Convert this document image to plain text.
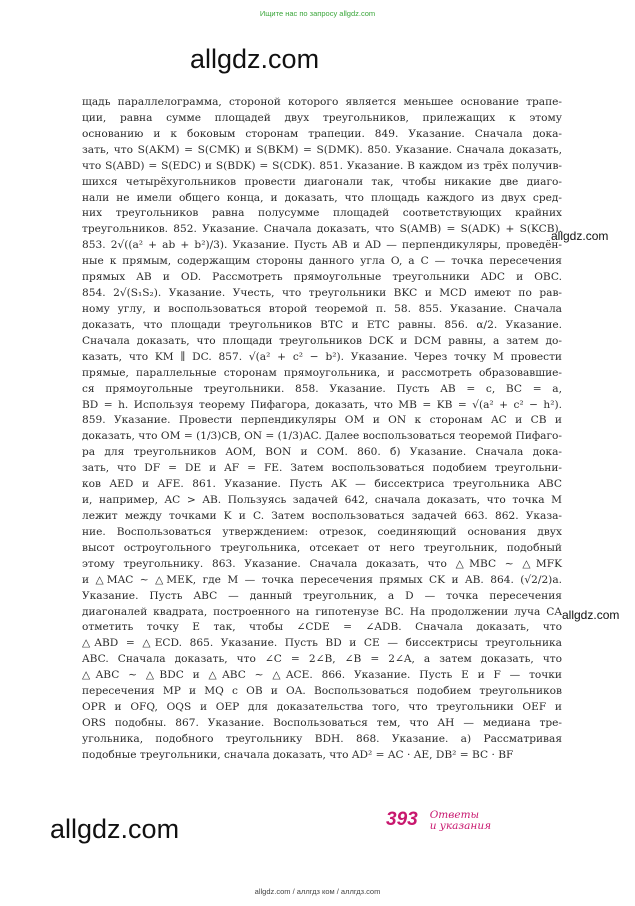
Ищите нас по запросу allgdz.com
allgdz.com
allgdz.com
allgdz.com
allgdz.com

щадь параллелограмма, стороной которого является меньшее основание трапе-

ции, равна сумме площадей двух треугольников, прилежащих к этому

основанию и к боковым сторонам трапеции. 849. Указание. Сначала дока-

зать, что S(AKM) = S(CMK) и S(BKM) = S(DMK). 850. Указание. Сначала доказать,

что S(ABD) = S(EDC) и S(BDK) = S(CDK). 851. Указание. В каждом из трёх получив-

шихся четырёхугольников провести диагонали так, чтобы никакие две диаго-

нали не имели общего конца, и доказать, что площадь каждого из двух сред-

них треугольников равна полусумме площадей соответствующих крайних

треугольников. 852. Указание. Сначала доказать, что S(AMB) = S(ADK) + S(KCB).

853. 2√((a² + ab + b²)/3). Указание. Пусть AB и AD — перпендикуляры, проведён-

ные к прямым, содержащим стороны данного угла O, а C — точка пересечения

прямых AB и OD. Рассмотреть прямоугольные треугольники ADC и OBC.

854. 2√(S₁S₂). Указание. Учесть, что треугольники BKC и MCD имеют по рав-

ному углу, и воспользоваться второй теоремой п. 58. 855. Указание. Сначала

доказать, что площади треугольников BTC и ETC равны. 856. α/2. Указание.

Сначала доказать, что площади треугольников DCK и DCM равны, а затем до-

казать, что KM ∥ DC. 857. √(a² + c² − b²). Указание. Через точку M провести

прямые, параллельные сторонам прямоугольника, и рассмотреть образовавшие-

ся прямоугольные треугольники. 858. Указание. Пусть AB = c, BC = a,

BD = h. Используя теорему Пифагора, доказать, что MB = KB = √(a² + c² − h²).

859. Указание. Провести перпендикуляры OM и ON к сторонам AC и CB и

доказать, что OM = (1/3)CB, ON = (1/3)AC. Далее воспользоваться теоремой Пифаго-

ра для треугольников AOM, BON и COM. 860. б) Указание. Сначала дока-

зать, что DF = DE и AF = FE. Затем воспользоваться подобием треугольни-

ков AED и AFE. 861. Указание. Пусть AK — биссектриса треугольника ABC

и, например, AC > AB. Пользуясь задачей 642, сначала доказать, что точка M

лежит между точками K и C. Затем воспользоваться задачей 663. 862. Указа-

ние. Воспользоваться утверждением: отрезок, соединяющий основания двух

высот остроугольного треугольника, отсекает от него треугольник, подобный

этому треугольнику. 863. Указание. Сначала доказать, что △MBC ∼ △MFK

и △MAC ∼ △MEK, где M — точка пересечения прямых CK и AB. 864. (√2/2)a.

Указание. Пусть ABC — данный треугольник, а D — точка пересечения

диагоналей квадрата, построенного на гипотенузе BC. На продолжении луча CA

отметить точку E так, чтобы ∠CDE = ∠ADB. Сначала доказать, что

△ABD = △ECD. 865. Указание. Пусть BD и CE — биссектрисы треугольника

ABC. Сначала доказать, что ∠C = 2∠B, ∠B = 2∠A, а затем доказать, что

△ABC ∼ △BDC и △ABC ∼ △ACE. 866. Указание. Пусть E и F — точки

пересечения MP и MQ с OB и OA. Воспользоваться подобием треугольников

OPR и OFQ, OQS и OEP для доказательства того, что треугольники OEF и

ORS подобны. 867. Указание. Воспользоваться тем, что AH — медиана тре-

угольника, подобного треугольнику BDH. 868. Указание. а) Рассматривая

подобные треугольники, сначала доказать, что AD² = AC · AE, DB² = BC · BF

393 Ответы
и указания
allgdz.com / аллгдз ком / аллгдз.com
